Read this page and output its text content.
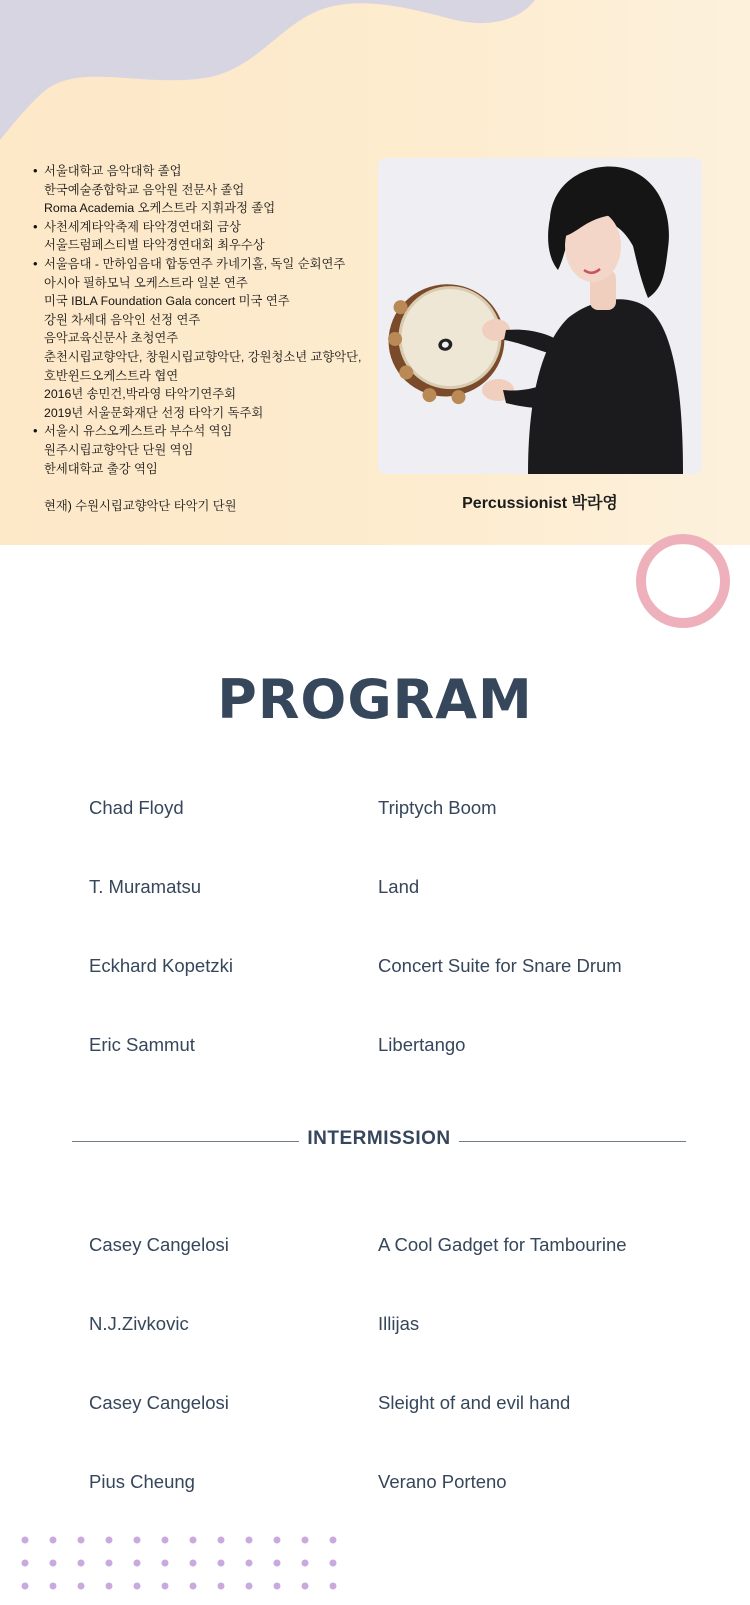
• 서울대학교 음악대학 졸업
한국예술종합학교 음악원 전문사 졸업
Roma Academia 오케스트라 지휘과정 졸업
• 사천세계타악축제 타악경연대회 금상
서울드럼페스티벌 타악경연대회 최우수상
• 서울음대 - 만하임음대 합동연주 카네기홀, 독일 순회연주
아시아 필하모닉 오케스트라 일본 연주
미국 IBLA Foundation Gala concert 미국 연주
강원 차세대 음악인 선정 연주
음악교육신문사 초청연주
춘천시립교향악단, 창원시립교향악단, 강원청소년 교향악단,
호반윈드오케스트라 협연
2016년 송민건,박라영 타악기연주회
2019년 서울문화재단 선정 타악기 독주회
• 서울시 유스오케스트라 부수석 역임
원주시립교향악단 단원 역임
한세대학교 출강 역임
현재) 수원시립교향악단 타악기 단원	Percussionist 박라영
PROGRAM
Chad Floyd	Triptych Boom
T. Muramatsu	Land
Eckhard Kopetzki	Concert Suite for Snare Drum
Eric Sammut	Libertango
INTERMISSION
Casey Cangelosi	A Cool Gadget for Tambourine
N.J.Zivkovic	Illijas
Casey Cangelosi	Sleight of and evil hand
Pius Cheung	Verano Porteno
